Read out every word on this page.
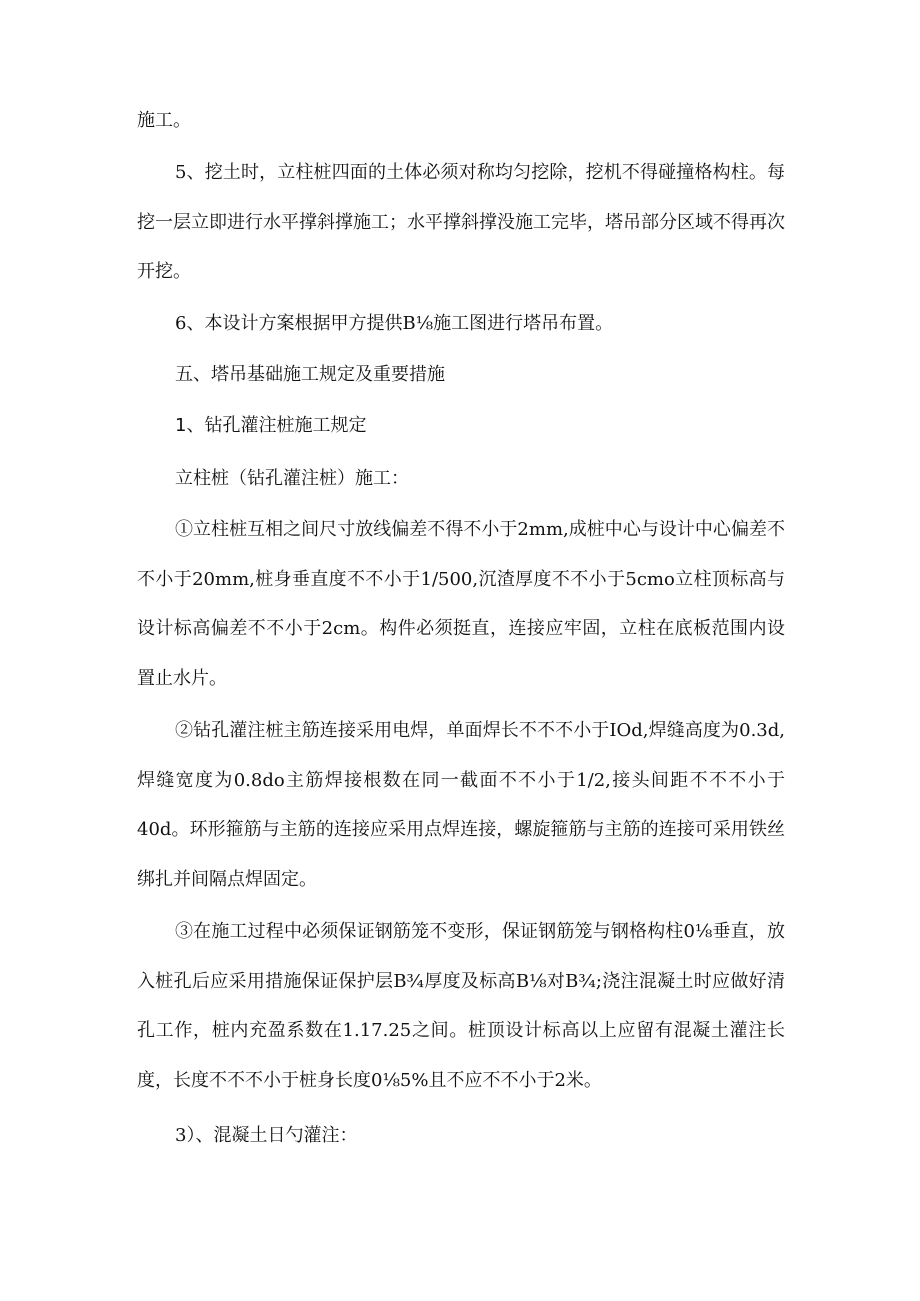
施工。

5、挖土时，立柱桩四面的土体必须对称均匀挖除，挖机不得碰撞格构柱。每挖一层立即进行水平撑斜撑施工；水平撑斜撑没施工完毕，塔吊部分区域不得再次开挖。

6、本设计方案根据甲方提供B⅛施工图进行塔吊布置。

五、塔吊基础施工规定及重要措施
1、钻孔灌注桩施工规定

立柱桩（钻孔灌注桩）施工：

①立柱桩互相之间尺寸放线偏差不得不小于2mm,成桩中心与设计中心偏差不不小于20mm,桩身垂直度不不小于1/500,沉渣厚度不不小于5cmo立柱顶标高与设计标高偏差不不小于2cm。构件必须挺直，连接应牢固，立柱在底板范围内设置止水片。

②钻孔灌注桩主筋连接采用电焊，单面焊长不不不小于IOd,焊缝高度为0.3d,焊缝宽度为0.8do主筋焊接根数在同一截面不不小于1/2,接头间距不不不小于40d。环形箍筋与主筋的连接应采用点焊连接，螺旋箍筋与主筋的连接可采用铁丝绑扎并间隔点焊固定。

③在施工过程中必须保证钢筋笼不变形，保证钢筋笼与钢格构柱0⅛垂直，放入桩孔后应采用措施保证保护层B¾厚度及标高B⅛对B¾;浇注混凝土时应做好清孔工作，桩内充盈系数在1.17.25之间。桩顶设计标高以上应留有混凝土灌注长度，长度不不不小于桩身长度0⅛5%且不应不不小于2米。

3）、混凝土日勺灌注：
